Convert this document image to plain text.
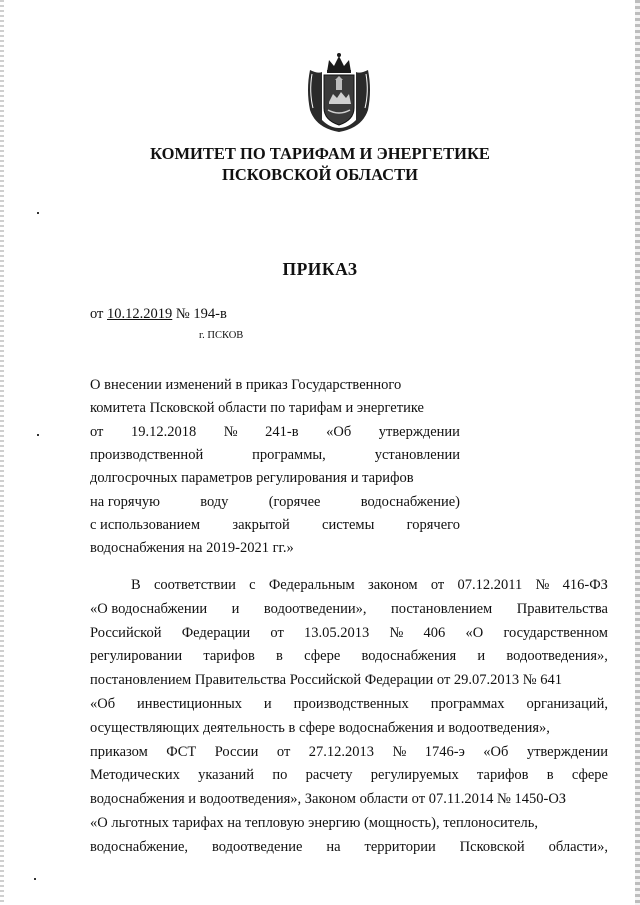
КОМИТЕТ ПО ТАРИФАМ И ЭНЕРГЕТИКЕ
ПСКОВСКОЙ ОБЛАСТИ
ПРИКАЗ
от 10.12.2019 № 194-в
г. ПСКОВ
О внесении изменений в приказ Государственного
комитета Псковской области по тарифам и энергетике
от 19.12.2018 № 241-в «Об утверждении
производственной	программы,	установлении
долгосрочных параметров регулирования и тарифов
на горячую	воду	(горячее	водоснабжение)
с использованием закрытой системы горячего
водоснабжения на 2019-2021 гг.»
В соответствии с Федеральным законом от 07.12.2011 № 416-ФЗ
«О водоснабжении и водоотведении», постановлением Правительства
Российской Федерации от 13.05.2013 № 406 «О государственном
регулировании тарифов в сфере водоснабжения и водоотведения»,
постановлением Правительства Российской Федерации от 29.07.2013 № 641
«Об инвестиционных и производственных программах организаций,
осуществляющих деятельность в сфере водоснабжения и водоотведения»,
приказом ФСТ России от 27.12.2013 № 1746-э «Об утверждении
Методических указаний по расчету регулируемых тарифов в сфере
водоснабжения и водоотведения», Законом области от 07.11.2014 № 1450-ОЗ
«О льготных тарифах на тепловую энергию (мощность), теплоноситель,
водоснабжение, водоотведение на территории Псковской области»,
